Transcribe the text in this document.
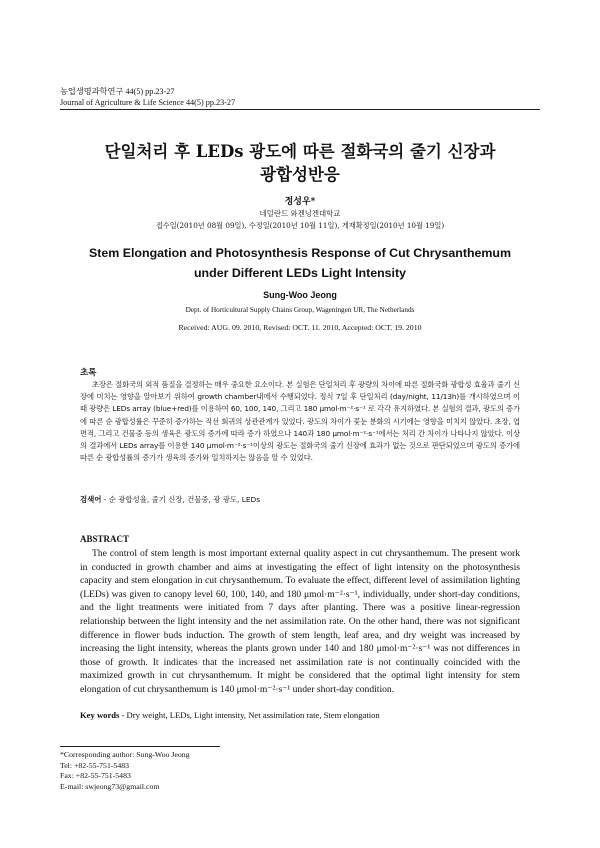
농업생명과학연구 44(5) pp.23-27
Journal of Agriculture & Life Science 44(5) pp.23-27
단일처리 후 LEDs 광도에 따른 절화국의 줄기 신장과
광합성반응
정성우*
네덜란드 와겐닝겐대학교
접수일(2010년 08월 09일), 수정일(2010년 10월 11일), 게재확정일(2010년 10월 19일)
Stem Elongation and Photosynthesis Response of Cut Chrysanthemum
under Different LEDs Light Intensity
Sung-Woo Jeong
Dept. of Horticultural Supply Chains Group, Wageningen UR, The Netherlands
Received: AUG. 09. 2010, Revised: OCT. 11. 2010, Accepted: OCT. 19. 2010
초록
초장은 절화국의 외적 품질을 결정하는 매우 중요한 요소이다. 본 실험은 단일처리 후 광량의 차이에 따른 절화국화 광합성 효율과 줄기 신장에 미치는 영향을 알아보기 위하여 growth chamber내에서 수행되었다. 정식 7일 후 단일처리 (day/night, 11/13h)를 개시하였으며 이때 광량은 LEDs array (blue+red)를 이용하여 60, 100, 140, 그리고 180 μmol·m⁻²·s⁻¹ 로 각각 유지하였다. 본 실험의 결과, 광도의 증가에 따른 순 광합성률은 꾸준히 증가하는 직선 회귀의 상관관계가 있었다. 광도의 차이가 꽃눈 분화의 시기에는 영향을 미치지 않았다. 초장, 엽면적, 그리고 건물중 등의 생육은 광도의 증가에 따라 증가 하였으나 140과 180 μmol·m⁻²·s⁻¹에서는 처리 간 차이가 나타나지 않았다. 이상의 결과에서 LEDs array를 이용한 140 μmol·m⁻²·s⁻¹이상의 광도는 절화국의 줄기 신장에 효과가 없는 것으로 판단되었으며 광도의 증가에 따른 순 광합성률의 증가가 생육의 증가와 일치하지는 않음을 알 수 있었다.
검색어 - 순 광합성율, 줄기 신장, 건물중, 광 광도, LEDs
ABSTRACT
The control of stem length is most important external quality aspect in cut chrysanthemum. The present work in conducted in growth chamber and aims at investigating the effect of light intensity on the photosynthesis capacity and stem elongation in cut chrysanthemum. To evaluate the effect, different level of assimilation lighting (LEDs) was given to canopy level 60, 100, 140, and 180 μmol·m⁻²·s⁻¹, individually, under short-day conditions, and the light treatments were initiated from 7 days after planting. There was a positive linear-regression relationship between the light intensity and the net assimilation rate. On the other hand, there was not significant difference in flower buds induction. The growth of stem length, leaf area, and dry weight was increased by increasing the light intensity, whereas the plants grown under 140 and 180 μmol·m⁻²·s⁻¹ was not differences in those of growth. It indicates that the increased net assimilation rate is not continually coincided with the maximized growth in cut chrysanthemum. It might be considered that the optimal light intensity for stem elongation of cut chrysanthemum is 140 μmol·m⁻²·s⁻¹ under short-day condition.
Key words - Dry weight, LEDs, Light intensity, Net assimilation rate, Stem elongation
*Corresponding author: Sung-Woo Jeong
Tel: +82-55-751-5483
Fax: +82-55-751-5483
E-mail: swjeong73@gmail.com
